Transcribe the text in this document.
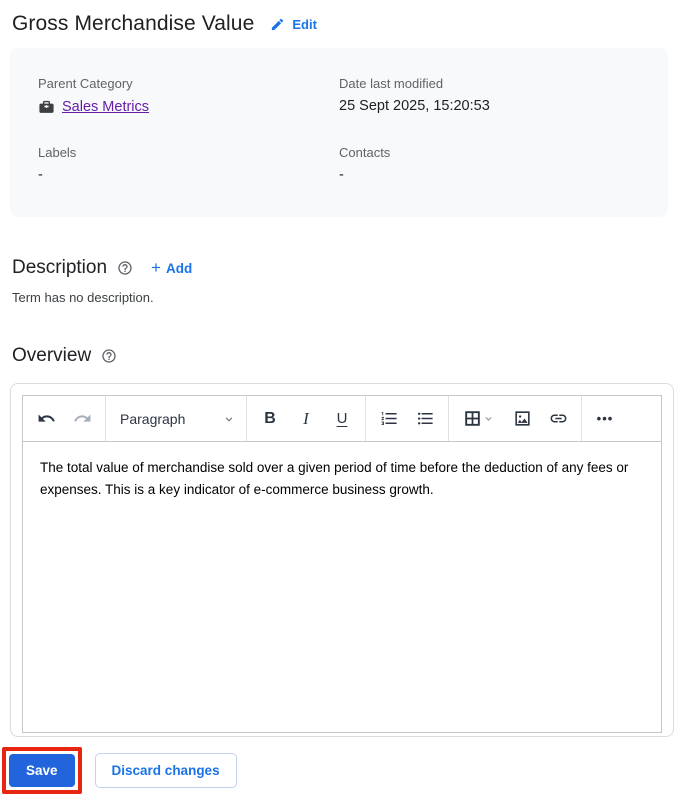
Gross Merchandise Value	Edit
Parent Category
Sales Metrics
Date last modified
25 Sept 2025, 15:20:53
Labels
-
Contacts
-
Description	+ Add
Term has no description.
Overview
Paragraph	B I U	•••

The total value of merchandise sold over a given period of time before the deduction of any fees or expenses. This is a key indicator of e-commerce business growth.

Save	Discard changes
